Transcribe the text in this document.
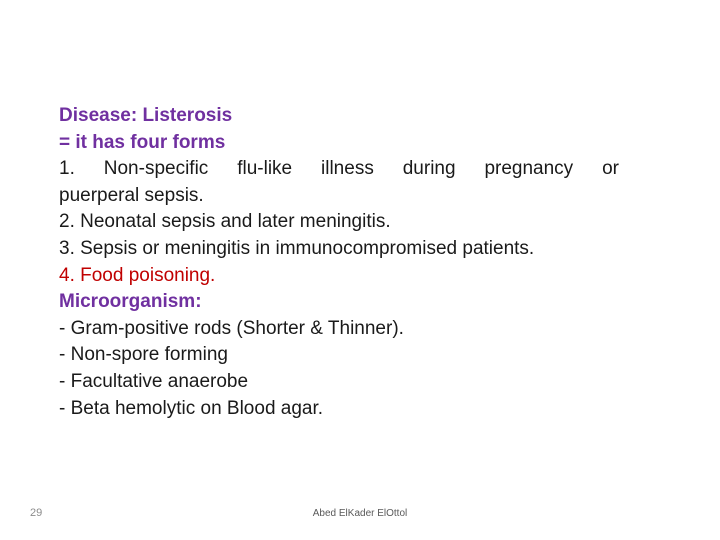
Disease: Listerosis
= it has four forms
1. Non-specific flu-like illness during pregnancy or
puerperal sepsis.
2. Neonatal sepsis and later meningitis.
3. Sepsis or meningitis in immunocompromised patients.
4. Food poisoning.
Microorganism:
- Gram-positive rods (Shorter & Thinner).
- Non-spore forming
- Facultative anaerobe
- Beta hemolytic on Blood agar.
29	Abed ElKader ElOttol
